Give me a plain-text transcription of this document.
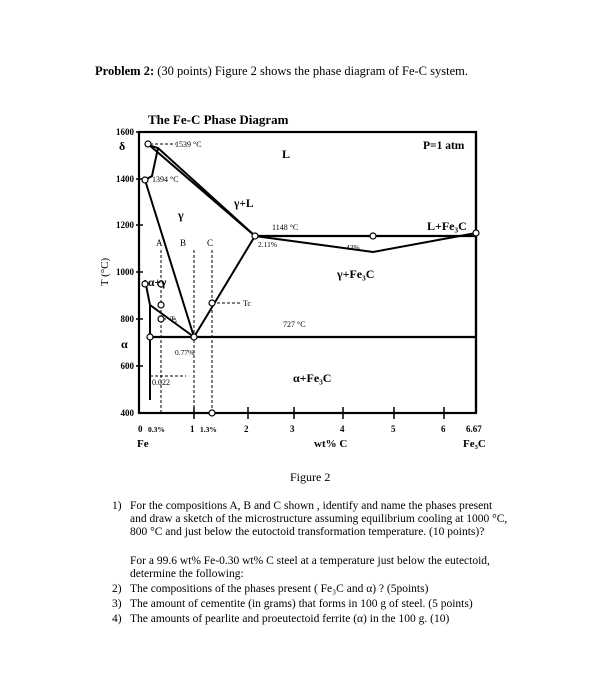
Problem 2: (30 points) Figure 2 shows the phase diagram of Fe-C system.
The Fe-C Phase Diagram
T (°C)
1600
1400
1200
1000
800
600
400
δ
α
P=1 atm
1539 °C
1394 °C
1148 °C
727 °C
2.11%	43%
0.77%
0.022
A B C
Tc
Tₐ
L
γ+L
γ
α+γ
γ+Fe₃C
α+Fe₃C
L+Fe₃C
0 0.3%	1 1.3%	2	3	4	5	6 6.67
Fe	wt% C	Fe₃C
Figure 2
1) For the compositions A, B and C shown , identify and name the phases present
and draw a sketch of the microstructure assuming equilibrium cooling at 1000 °C,
800 °C and just below the eutoctoid transformation temperature. (10 points)?
For a 99.6 wt% Fe-0.30 wt% C steel at a temperature just below the eutectoid,
determine the following:
2) The compositions of the phases present ( Fe₃C and α) ? (5points)
3) The amount of cementite (in grams) that forms in 100 g of steel. (5 points)
4) The amounts of pearlite and proeutectoid ferrite (α) in the 100 g. (10)
